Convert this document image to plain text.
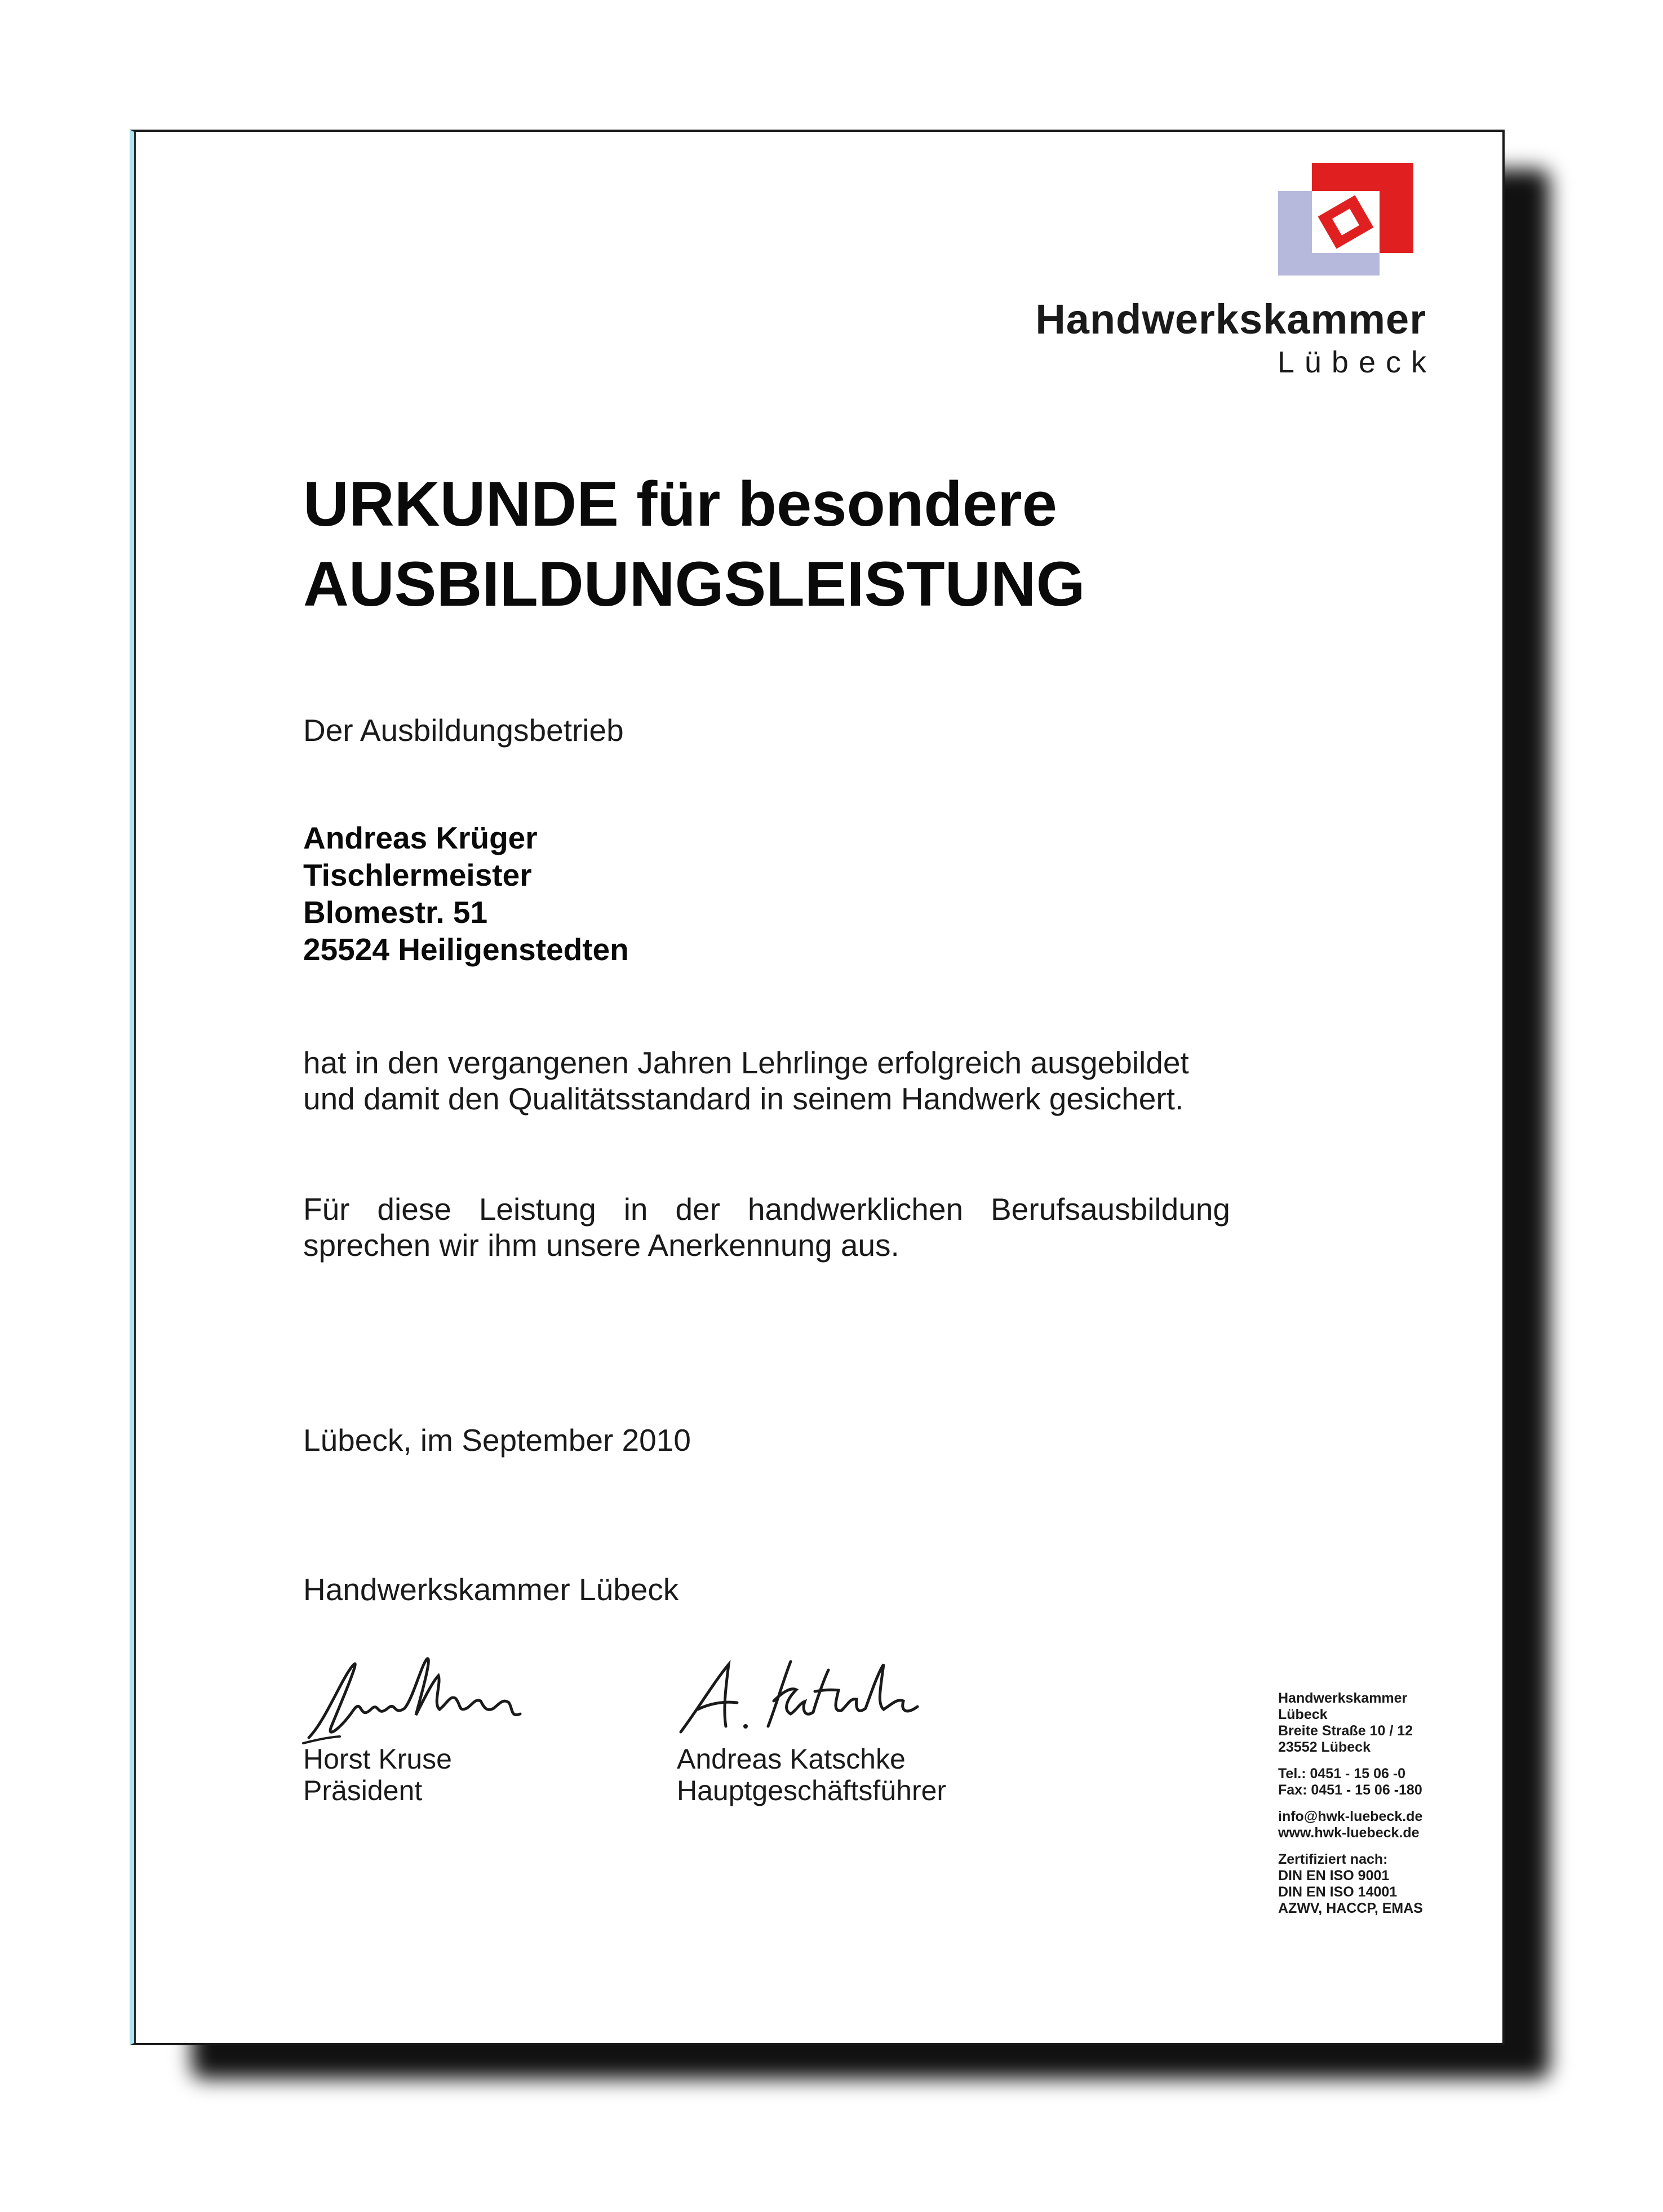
Handwerkskammer
Lübeck
URKUNDE für besondere
AUSBILDUNGSLEISTUNG
Der Ausbildungsbetrieb
Andreas Krüger
Tischlermeister
Blomestr. 51
25524 Heiligenstedten
hat in den vergangenen Jahren Lehrlinge erfolgreich ausgebildet
und damit den Qualitätsstandard in seinem Handwerk gesichert.
Für diese Leistung in der handwerklichen Berufsausbildung
sprechen wir ihm unsere Anerkennung aus.
Lübeck, im September 2010
Handwerkskammer Lübeck
Horst Kruse
Präsident
Andreas Katschke
Hauptgeschäftsführer
Handwerkskammer
Lübeck
Breite Straße 10 / 12
23552 Lübeck
Tel.: 0451 - 15 06 -0
Fax: 0451 - 15 06 -180
info@hwk-luebeck.de
www.hwk-luebeck.de
Zertifiziert nach:
DIN EN ISO 9001
DIN EN ISO 14001
AZWV, HACCP, EMAS
